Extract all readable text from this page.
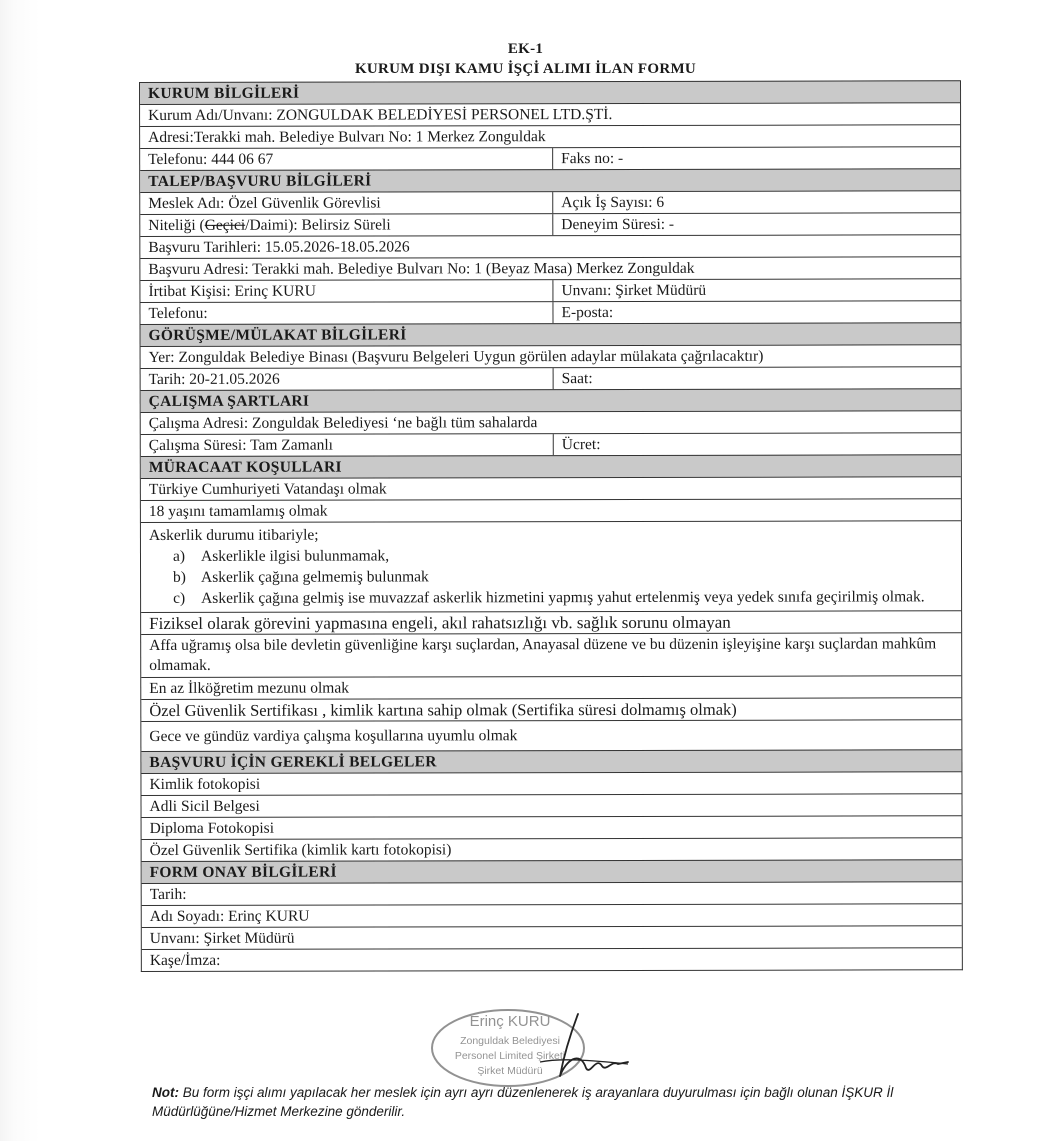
EK-1
KURUM DIŞI KAMU İŞÇİ ALIMI İLAN FORMU
KURUM BİLGİLERİ
Kurum Adı/Unvanı: ZONGULDAK BELEDİYESİ PERSONEL LTD.ŞTİ.
Adresi:Terakki mah. Belediye Bulvarı No: 1 Merkez Zonguldak
Telefonu: 444 06 67	Faks no: -
TALEP/BAŞVURU BİLGİLERİ
Meslek Adı: Özel Güvenlik Görevlisi	Açık İş Sayısı: 6
Niteliği (Geçici/Daimi): Belirsiz Süreli	Deneyim Süresi: -
Başvuru Tarihleri: 15.05.2026-18.05.2026
Başvuru Adresi: Terakki mah. Belediye Bulvarı No: 1 (Beyaz Masa) Merkez Zonguldak
İrtibat Kişisi: Erinç KURU	Unvanı: Şirket Müdürü
Telefonu:	E-posta:
GÖRÜŞME/MÜLAKAT BİLGİLERİ
Yer: Zonguldak Belediye Binası (Başvuru Belgeleri Uygun görülen adaylar mülakata çağrılacaktır)
Tarih: 20-21.05.2026	Saat:
ÇALIŞMA ŞARTLARI
Çalışma Adresi: Zonguldak Belediyesi ‘ne bağlı tüm sahalarda
Çalışma Süresi: Tam Zamanlı	Ücret:
MÜRACAAT KOŞULLARI
Türkiye Cumhuriyeti Vatandaşı olmak
18 yaşını tamamlamış olmak
Askerlik durumu itibariyle;
a)	Askerlikle ilgisi bulunmamak,
b) Askerlik çağına gelmemiş bulunmak
c)	Askerlik çağına gelmiş ise muvazzaf askerlik hizmetini yapmış yahut ertelenmiş veya yedek sınıfa geçirilmiş olmak.
Fiziksel olarak görevini yapmasına engeli, akıl rahatsızlığı vb. sağlık sorunu olmayan
Affa uğramış olsa bile devletin güvenliğine karşı suçlardan, Anayasal düzene ve bu düzenin işleyişine karşı suçlardan mahkûm olmamak.
En az İlköğretim mezunu olmak
Özel Güvenlik Sertifikası , kimlik kartına sahip olmak (Sertifika süresi dolmamış olmak)
Gece ve gündüz vardiya çalışma koşullarına uyumlu olmak
BAŞVURU İÇİN GEREKLİ BELGELER
Kimlik fotokopisi
Adli Sicil Belgesi
Diploma Fotokopisi
Özel Güvenlik Sertifika (kimlik kartı fotokopisi)
FORM ONAY BİLGİLERİ
Tarih:
Adı Soyadı: Erinç KURU
Unvanı: Şirket Müdürü
Kaşe/İmza:
Erinç KURU
Zonguldak Belediyesi
Personel Limited Şirketi
Şirket Müdürü
Not: Bu form işçi alımı yapılacak her meslek için ayrı ayrı düzenlenerek iş arayanlara duyurulması için bağlı olunan İŞKUR İl Müdürlüğüne/Hizmet Merkezine gönderilir.
